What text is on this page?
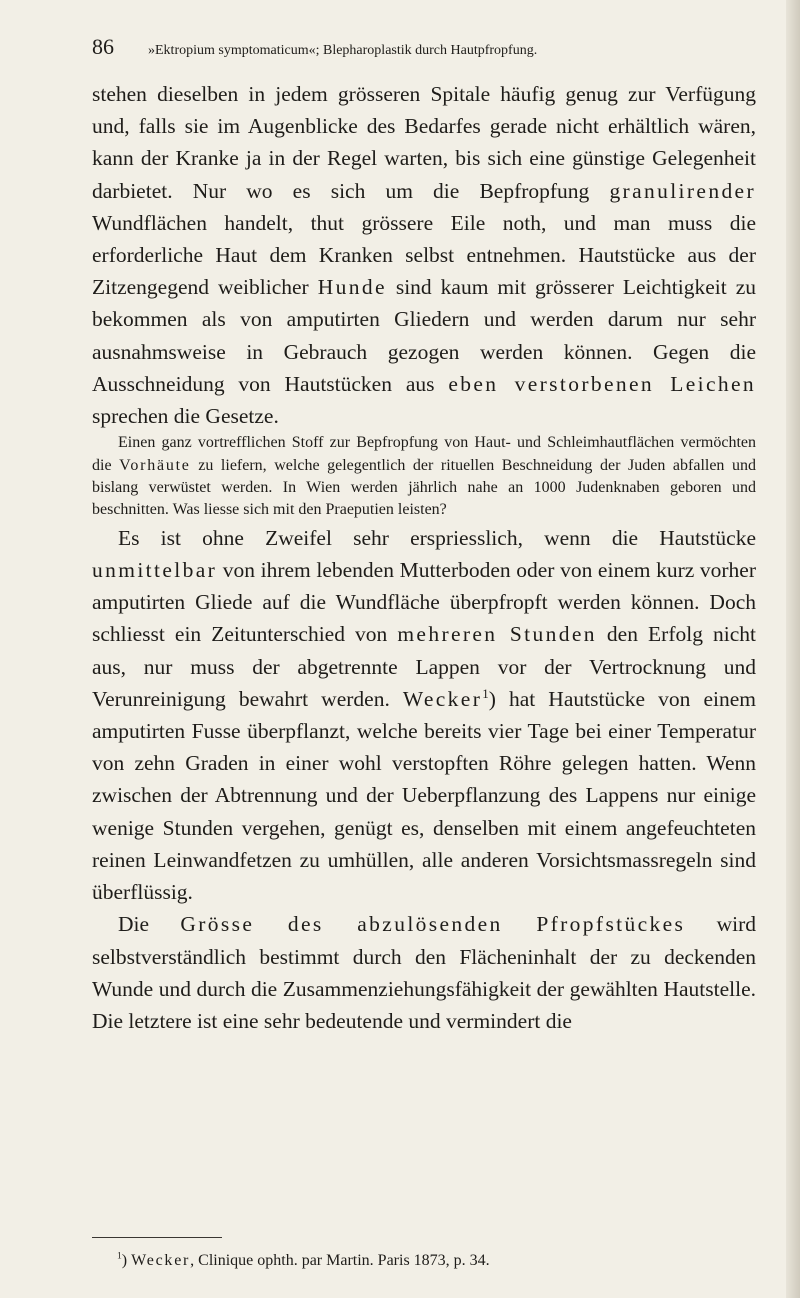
86 »Ektropium symptomaticum«; Blepharoplastik durch Hautpfropfung.

stehen dieselben in jedem grösseren Spitale häufig genug zur Verfügung und, falls sie im Augenblicke des Bedarfes gerade nicht erhältlich wären, kann der Kranke ja in der Regel warten, bis sich eine günstige Gelegenheit darbietet. Nur wo es sich um die Bepfropfung granulirender Wundflächen handelt, thut grössere Eile noth, und man muss die erforderliche Haut dem Kranken selbst entnehmen. Hautstücke aus der Zitzengegend weiblicher Hunde sind kaum mit grösserer Leichtigkeit zu bekommen als von amputirten Gliedern und werden darum nur sehr ausnahmsweise in Gebrauch gezogen werden können. Gegen die Ausschneidung von Hautstücken aus eben verstorbenen Leichen sprechen die Gesetze.

Einen ganz vortrefflichen Stoff zur Bepfropfung von Haut- und Schleimhautflächen vermöchten die Vorhäute zu liefern, welche gelegentlich der rituellen Beschneidung der Juden abfallen und bislang verwüstet werden. In Wien werden jährlich nahe an 1000 Judenknaben geboren und beschnitten. Was liesse sich mit den Praeputien leisten?

Es ist ohne Zweifel sehr erspriesslich, wenn die Hautstücke unmittelbar von ihrem lebenden Mutterboden oder von einem kurz vorher amputirten Gliede auf die Wundfläche überpfropft werden können. Doch schliesst ein Zeitunterschied von mehreren Stunden den Erfolg nicht aus, nur muss der abgetrennte Lappen vor der Vertrocknung und Verunreinigung bewahrt werden. Wecker$^1$) hat Hautstücke von einem amputirten Fusse überpflanzt, welche bereits vier Tage bei einer Temperatur von zehn Graden in einer wohl verstopften Röhre gelegen hatten. Wenn zwischen der Abtrennung und der Ueberpflanzung des Lappens nur einige wenige Stunden vergehen, genügt es, denselben mit einem angefeuchteten reinen Leinwandfetzen zu umhüllen, alle anderen Vorsichtsmassregeln sind überflüssig.

Die Grösse des abzulösenden Pfropfstückes wird selbstverständlich bestimmt durch den Flächeninhalt der zu deckenden Wunde und durch die Zusammenziehungsfähigkeit der gewählten Hautstelle. Die letztere ist eine sehr bedeutende und vermindert die

$^1$) Wecker, Clinique ophth. par Martin. Paris 1873, p. 34.
